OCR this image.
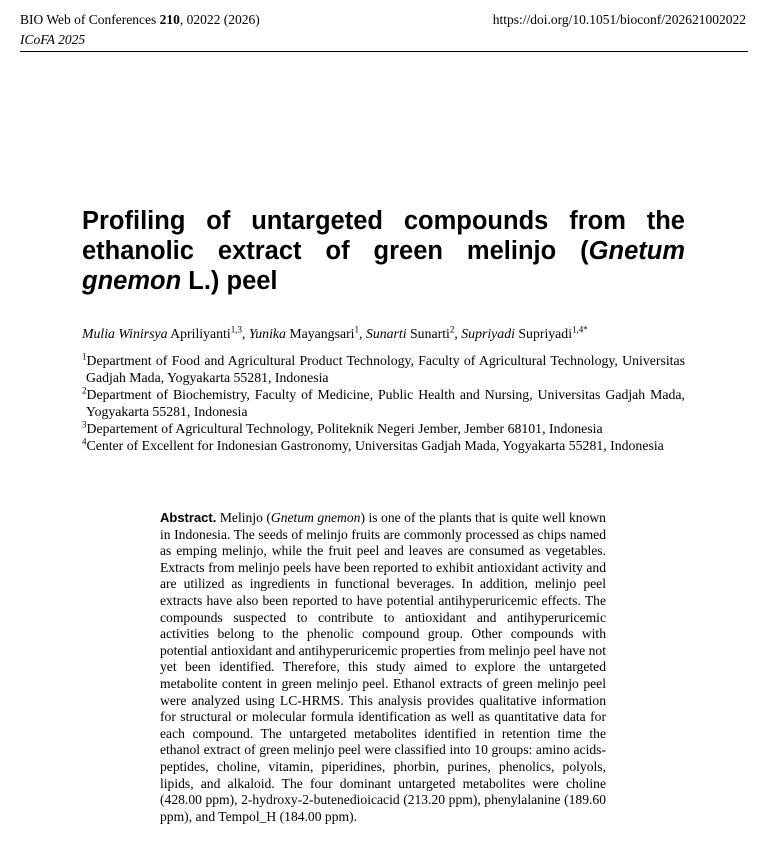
BIO Web of Conferences 210, 02022 (2026)
ICoFA 2025
https://doi.org/10.1051/bioconf/202621002022
Profiling of untargeted compounds from the ethanolic extract of green melinjo (Gnetum gnemon L.) peel
Mulia Winirsya Apriliyanti$^{1,3}$, Yunika Mayangsari$^1$, Sunarti Sunarti$^2$, Supriyadi Supriyadi$^{1,4*}$
$^1$Department of Food and Agricultural Product Technology, Faculty of Agricultural Technology, Universitas Gadjah Mada, Yogyakarta 55281, Indonesia
$^2$Department of Biochemistry, Faculty of Medicine, Public Health and Nursing, Universitas Gadjah Mada, Yogyakarta 55281, Indonesia
$^3$Departement of Agricultural Technology, Politeknik Negeri Jember, Jember 68101, Indonesia
$^4$Center of Excellent for Indonesian Gastronomy, Universitas Gadjah Mada, Yogyakarta 55281, Indonesia
Abstract. Melinjo (Gnetum gnemon) is one of the plants that is quite well known in Indonesia. The seeds of melinjo fruits are commonly processed as chips named as emping melinjo, while the fruit peel and leaves are consumed as vegetables. Extracts from melinjo peels have been reported to exhibit antioxidant activity and are utilized as ingredients in functional beverages. In addition, melinjo peel extracts have also been reported to have potential antihyperuricemic effects. The compounds suspected to contribute to antioxidant and antihyperuricemic activities belong to the phenolic compound group. Other compounds with potential antioxidant and antihyperuricemic properties from melinjo peel have not yet been identified. Therefore, this study aimed to explore the untargeted metabolite content in green melinjo peel. Ethanol extracts of green melinjo peel were analyzed using LC-HRMS. This analysis provides qualitative information for structural or molecular formula identification as well as quantitative data for each compound. The untargeted metabolites identified in retention time the ethanol extract of green melinjo peel were classified into 10 groups: amino acids-peptides, choline, vitamin, piperidines, phorbin, purines, phenolics, polyols, lipids, and alkaloid. The four dominant untargeted metabolites were choline (428.00 ppm), 2-hydroxy-2-butenedioicacid (213.20 ppm), phenylalanine (189.60 ppm), and Tempol_H (184.00 ppm).
